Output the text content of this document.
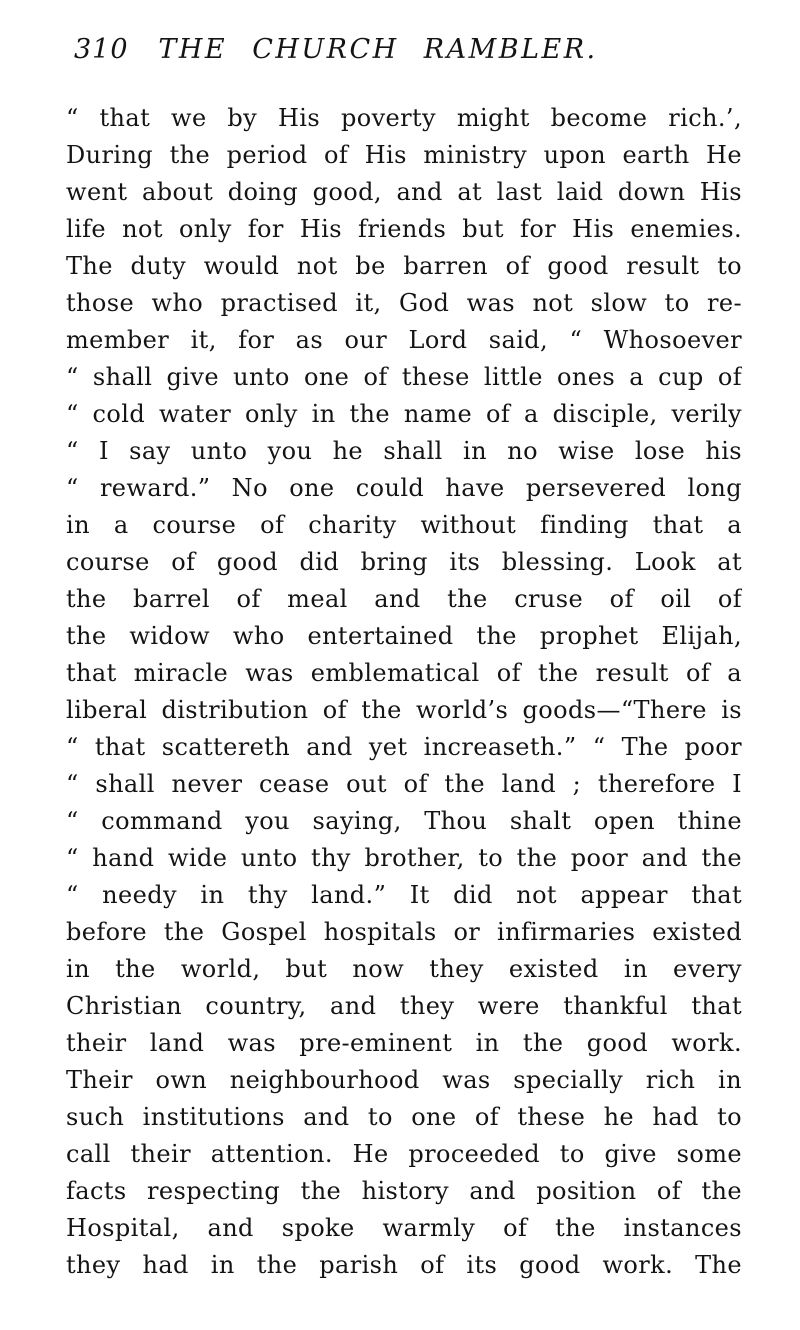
310 THE CHURCH RAMBLER.
“ that we by His poverty might become rich.’,
During the period of His ministry upon earth He
went about doing good, and at last laid down His
life not only for His friends but for His enemies.
The duty would not be barren of good result to
those who practised it, God was not slow to re-
member it, for as our Lord said, “ Whosoever
“ shall give unto one of these little ones a cup of
“ cold water only in the name of a disciple, verily
“ I say unto you he shall in no wise lose his
“ reward.” No one could have persevered long
in a course of charity without finding that a
course of good did bring its blessing. Look at
the barrel of meal and the cruse of oil of
the widow who entertained the prophet Elijah,
that miracle was emblematical of the result of a
liberal distribution of the world’s goods—“There is
“ that scattereth and yet increaseth.” “ The poor
“ shall never cease out of the land ; therefore I
“ command you saying, Thou shalt open thine
“ hand wide unto thy brother, to the poor and the
“ needy in thy land.” It did not appear that
before the Gospel hospitals or infirmaries existed
in the world, but now they existed in every
Christian country, and they were thankful that
their land was pre-eminent in the good work.
Their own neighbourhood was specially rich in
such institutions and to one of these he had to
call their attention. He proceeded to give some
facts respecting the history and position of the
Hospital, and spoke warmly of the instances
they had in the parish of its good work. The
